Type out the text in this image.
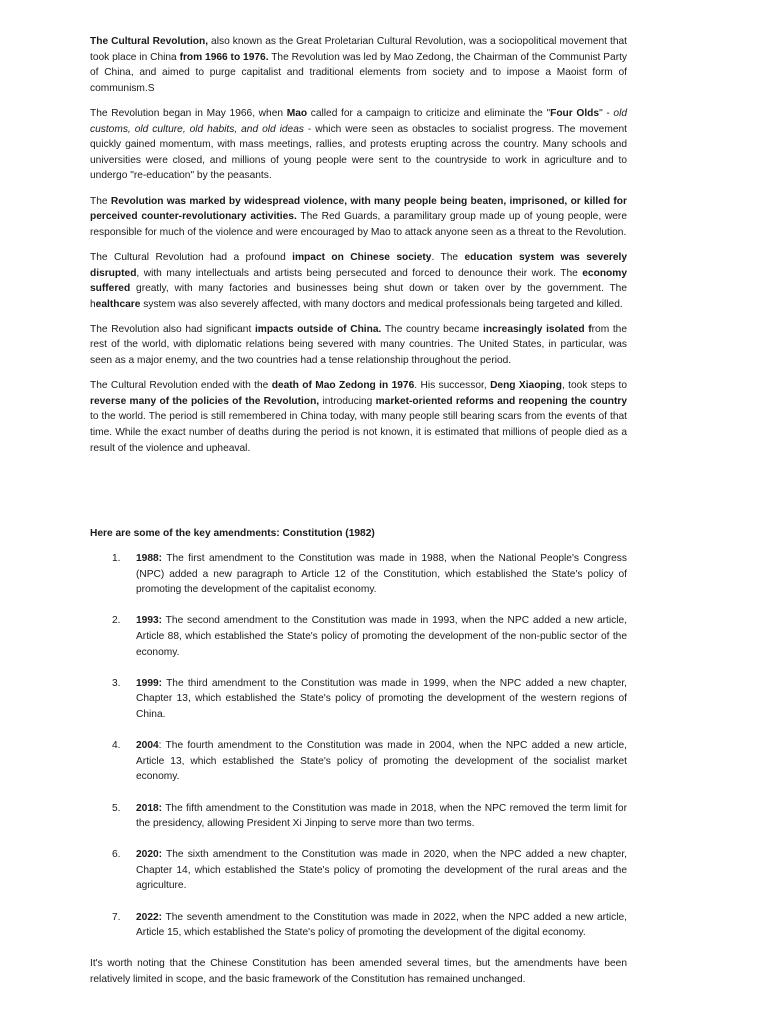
The Cultural Revolution, also known as the Great Proletarian Cultural Revolution, was a sociopolitical movement that took place in China from 1966 to 1976. The Revolution was led by Mao Zedong, the Chairman of the Communist Party of China, and aimed to purge capitalist and traditional elements from society and to impose a Maoist form of communism.S

The Revolution began in May 1966, when Mao called for a campaign to criticize and eliminate the "Four Olds" - old customs, old culture, old habits, and old ideas - which were seen as obstacles to socialist progress. The movement quickly gained momentum, with mass meetings, rallies, and protests erupting across the country. Many schools and universities were closed, and millions of young people were sent to the countryside to work in agriculture and to undergo "re-education" by the peasants.

The Revolution was marked by widespread violence, with many people being beaten, imprisoned, or killed for perceived counter-revolutionary activities. The Red Guards, a paramilitary group made up of young people, were responsible for much of the violence and were encouraged by Mao to attack anyone seen as a threat to the Revolution.

The Cultural Revolution had a profound impact on Chinese society. The education system was severely disrupted, with many intellectuals and artists being persecuted and forced to denounce their work. The economy suffered greatly, with many factories and businesses being shut down or taken over by the government. The healthcare system was also severely affected, with many doctors and medical professionals being targeted and killed.

The Revolution also had significant impacts outside of China. The country became increasingly isolated from the rest of the world, with diplomatic relations being severed with many countries. The United States, in particular, was seen as a major enemy, and the two countries had a tense relationship throughout the period.

The Cultural Revolution ended with the death of Mao Zedong in 1976. His successor, Deng Xiaoping, took steps to reverse many of the policies of the Revolution, introducing market-oriented reforms and reopening the country to the world. The period is still remembered in China today, with many people still bearing scars from the events of that time. While the exact number of deaths during the period is not known, it is estimated that millions of people died as a result of the violence and upheaval.

Here are some of the key amendments: Constitution (1982)

1. 1988: The first amendment to the Constitution was made in 1988, when the National People's Congress (NPC) added a new paragraph to Article 12 of the Constitution, which established the State's policy of promoting the development of the capitalist economy.
2. 1993: The second amendment to the Constitution was made in 1993, when the NPC added a new article, Article 88, which established the State's policy of promoting the development of the non-public sector of the economy.
3. 1999: The third amendment to the Constitution was made in 1999, when the NPC added a new chapter, Chapter 13, which established the State's policy of promoting the development of the western regions of China.
4. 2004: The fourth amendment to the Constitution was made in 2004, when the NPC added a new article, Article 13, which established the State's policy of promoting the development of the socialist market economy.
5. 2018: The fifth amendment to the Constitution was made in 2018, when the NPC removed the term limit for the presidency, allowing President Xi Jinping to serve more than two terms.
6. 2020: The sixth amendment to the Constitution was made in 2020, when the NPC added a new chapter, Chapter 14, which established the State's policy of promoting the development of the rural areas and the agriculture.
7. 2022: The seventh amendment to the Constitution was made in 2022, when the NPC added a new article, Article 15, which established the State's policy of promoting the development of the digital economy.

It's worth noting that the Chinese Constitution has been amended several times, but the amendments have been relatively limited in scope, and the basic framework of the Constitution has remained unchanged.
